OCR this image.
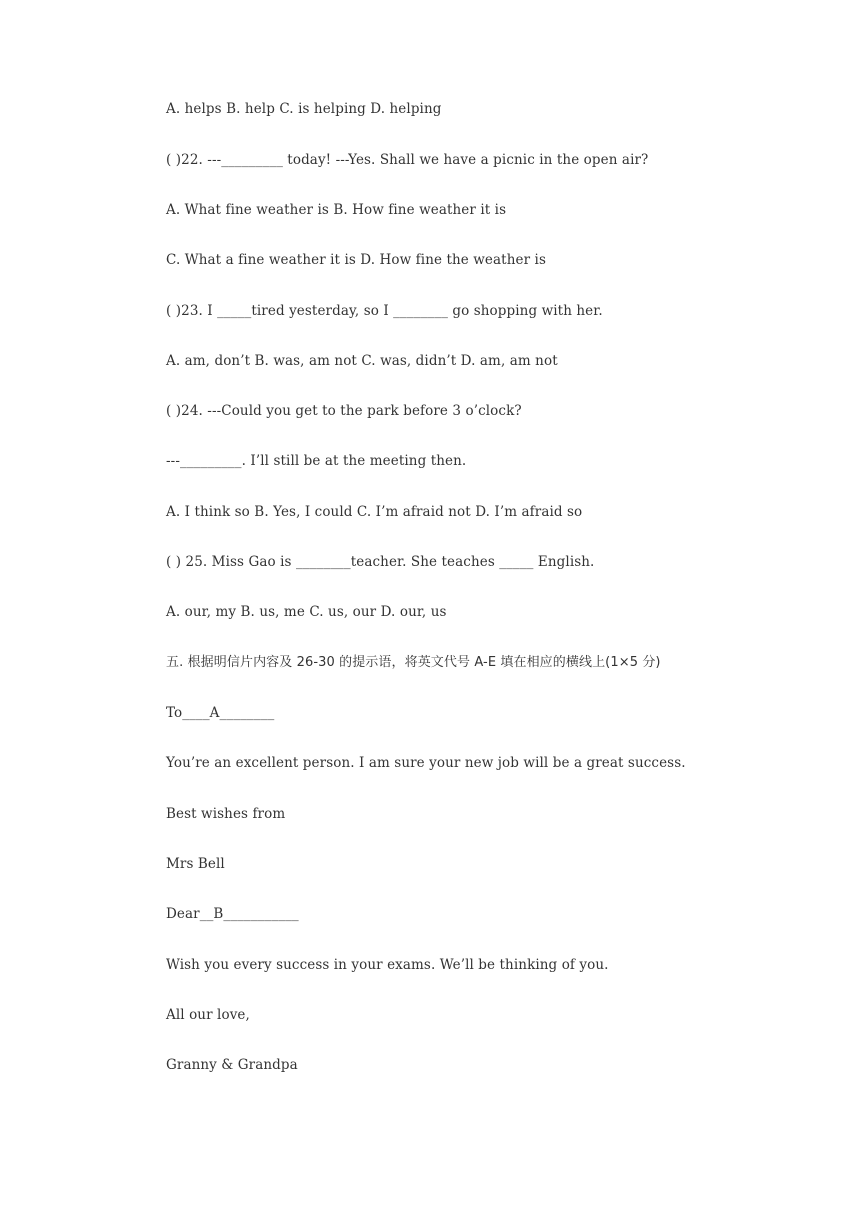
A. helps B. help C. is helping D. helping
( )22. ---_________ today! ---Yes. Shall we have a picnic in the open air?
A. What fine weather is B. How fine weather it is
C. What a fine weather it is D. How fine the weather is
( )23. I _____tired yesterday, so I ________ go shopping with her.
A. am, don’t B. was, am not C. was, didn’t D. am, am not
( )24. ---Could you get to the park before 3 o’clock?
---_________. I’ll still be at the meeting then.
A. I think so B. Yes, I could C. I’m afraid not D. I’m afraid so
( ) 25. Miss Gao is ________teacher. She teaches _____ English.
A. our, my B. us, me C. us, our D. our, us
五. 根据明信片内容及 26-30 的提示语，将英文代号 A-E 填在相应的横线上(1×5 分)
To____A________
You’re an excellent person. I am sure your new job will be a great success.
Best wishes from
Mrs Bell
Dear__B___________
Wish you every success in your exams. We’ll be thinking of you.
All our love,
Granny & Grandpa
